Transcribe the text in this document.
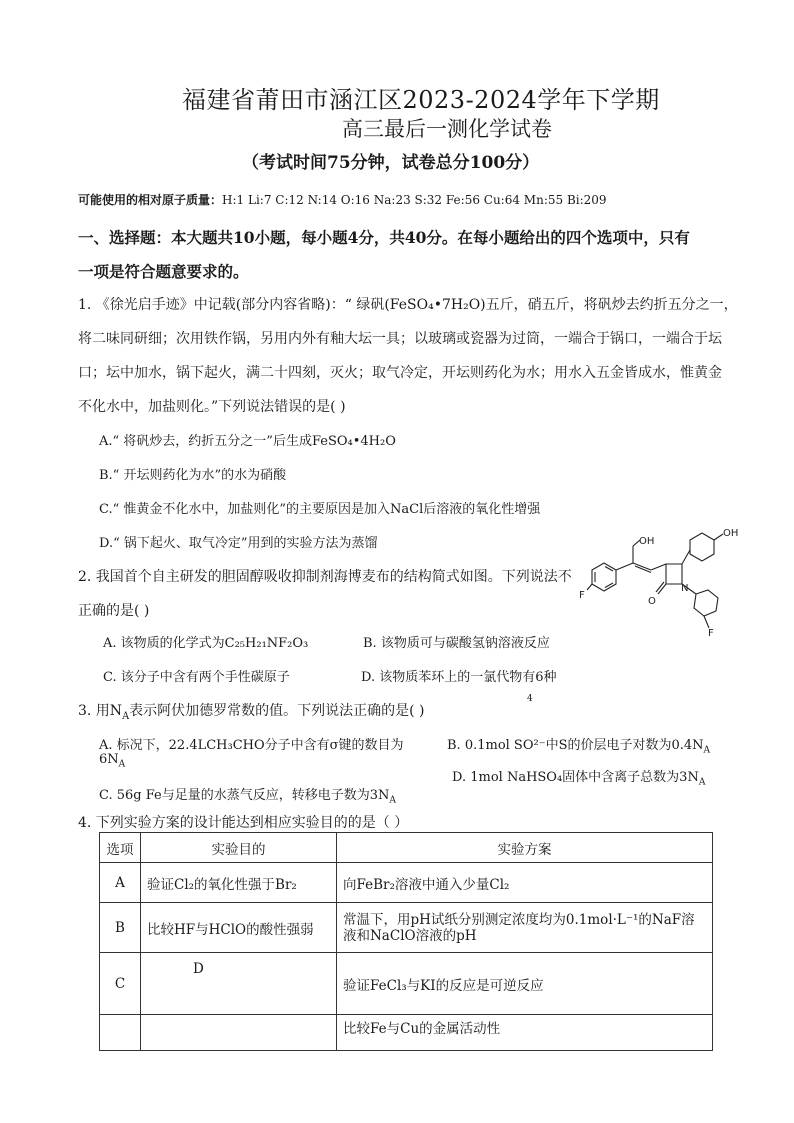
福建省莆田市涵江区2023-2024学年下学期
高三最后一测化学试卷
（考试时间75分钟，试卷总分100分）
可能使用的相对原子质量：H:1 Li:7 C:12 N:14 O:16 Na:23 S:32 Fe:56 Cu:64 Mn:55 Bi:209
一、选择题：本大题共10小题，每小题4分，共40分。在每小题给出的四个选项中，只有
一项是符合题意要求的。
1. 《徐光启手迹》中记载(部分内容省略)：“ 绿矾(FeSO₄•7H₂O)五斤，硝五斤，将矾炒去约折五分之一，
将二味同研细；次用铁作锅，另用内外有釉大坛一具；以玻璃或瓷器为过筒，一端合于锅口，一端合于坛
口；坛中加水，锅下起火，满二十四刻，灭火；取气冷定，开坛则药化为水；用水入五金皆成水，惟黄金
不化水中，加盐则化。”下列说法错误的是( )
A.“ 将矾炒去，约折五分之一”后生成FeSO₄•4H₂O
B.“ 开坛则药化为水”的水为硝酸
C.“ 惟黄金不化水中，加盐则化”的主要原因是加入NaCl后溶液的氧化性增强
D.“ 锅下起火、取气冷定”用到的实验方法为蒸馏
2. 我国首个自主研发的胆固醇吸收抑制剂海博麦布的结构简式如图。下列说法不
正确的是( )
A. 该物质的化学式为C₂₅H₂₁NF₂O₃	B. 该物质可与碳酸氢钠溶液反应
C. 该分子中含有两个手性碳原子	D. 该物质苯环上的一氯代物有6种
OH
OH
F
F
O
N
3. 用$N_A$表示阿伏加德罗常数的值。下列说法正确的是( )
4
A. 标况下，22.4LCH₃CHO分子中含有σ键的数目为
$6N_A$
B. 0.1mol SO²⁻中S的价层电子对数为$0.4N_A$
D. 1mol NaHSO₄固体中含离子总数为$3N_A$
C. 56g Fe与足量的水蒸气反应，转移电子数为$3N_A$
4. 下列实验方案的设计能达到相应实验目的的是（ ）
选项	实验目的	实验方案
A	验证Cl₂的氧化性强于Br₂	向FeBr₂溶液中通入少量Cl₂
B	比较HF与HClO的酸性强弱	常温下，用pH试纸分别测定浓度均为0.1mol·L⁻¹的NaF溶液和NaClO溶液的pH
C	D	验证FeCl₃与KI的反应是可逆反应
		比较Fe与Cu的金属活动性
